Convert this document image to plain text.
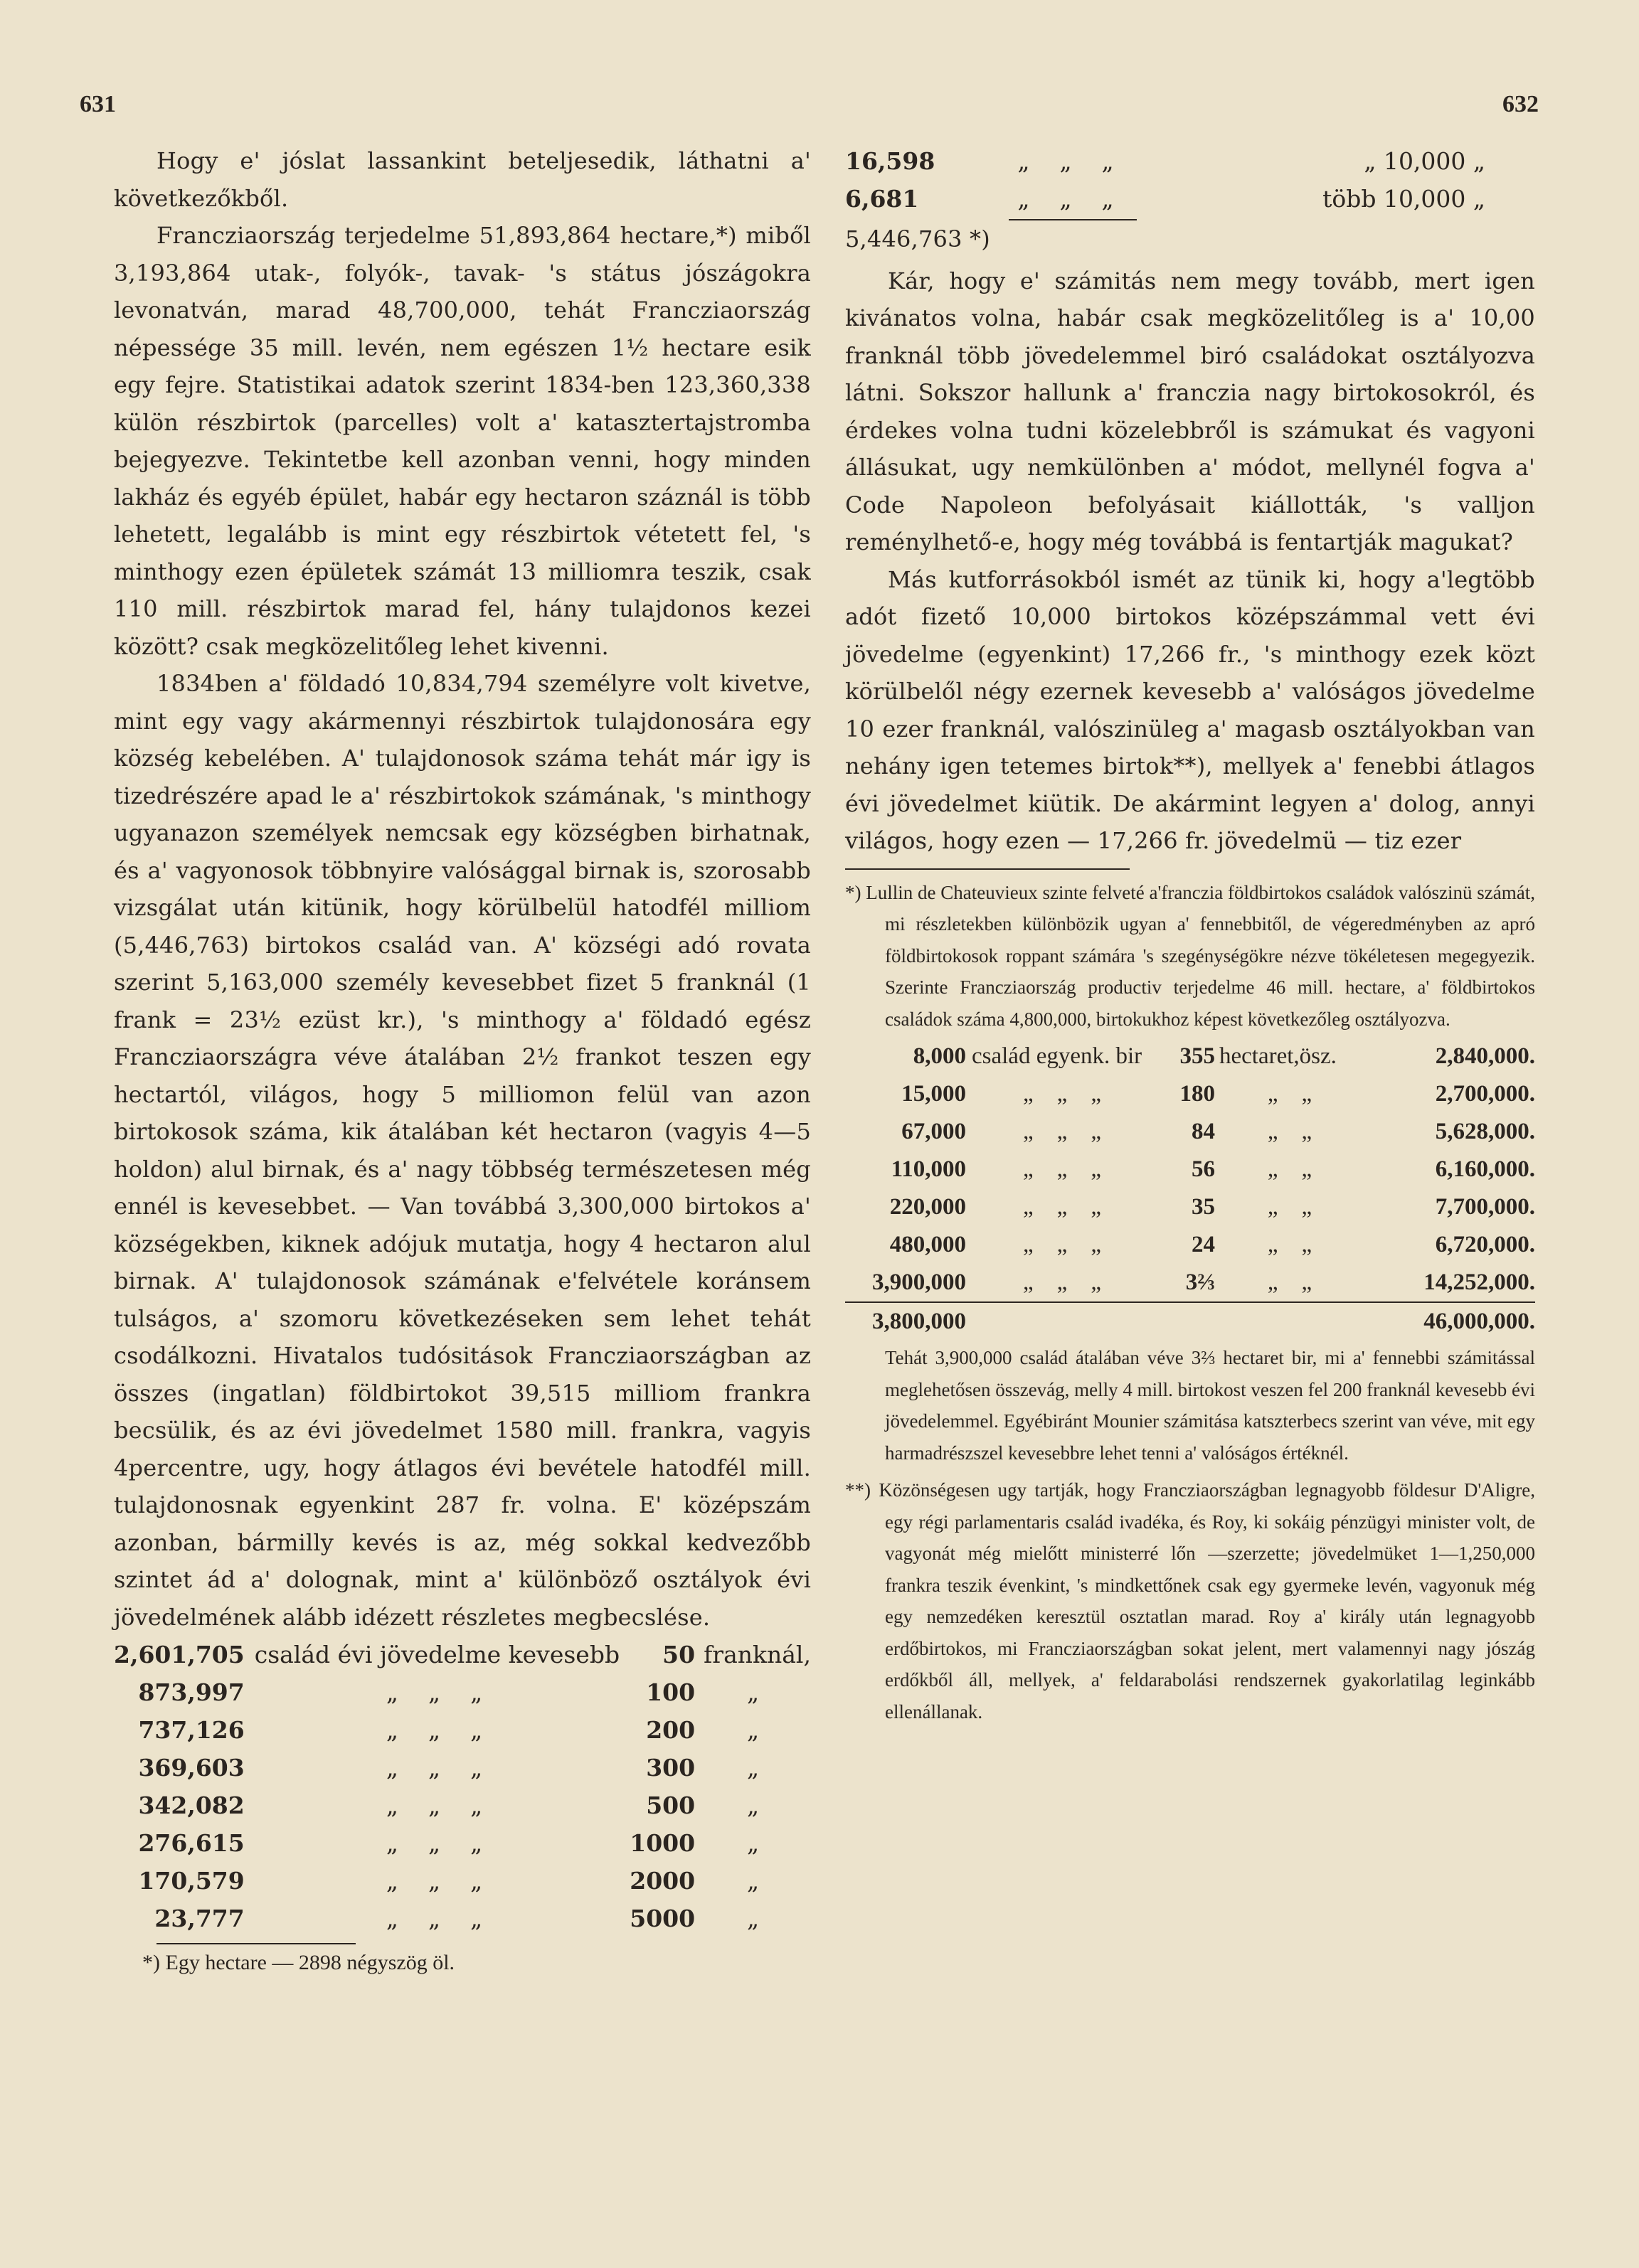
631	632

Hogy e' jóslat lassankint beteljesedik, láthatni a' következőkből.

Francziaország terjedelme 51,893,864 hectare,*) miből 3,193,864 utak-, folyók-, tavak- 's státus jószágokra levonatván, marad 48,700,000, tehát Francziaország népessége 35 mill. levén, nem egészen 1½ hectare esik egy fejre. Statistikai adatok szerint 1834-ben 123,360,338 külön részbirtok (parcelles) volt a' katasztertajstromba bejegyezve. Tekintetbe kell azonban venni, hogy minden lakház és egyéb épület, habár egy hectaron száznál is több lehetett, legalább is mint egy részbirtok vétetett fel, 's minthogy ezen épületek számát 13 milliomra teszik, csak 110 mill. részbirtok marad fel, hány tulajdonos kezei között? csak megközelitőleg lehet kivenni.

1834ben a' földadó 10,834,794 személyre volt kivetve, mint egy vagy akármennyi részbirtok tulajdonosára egy község kebelében. A' tulajdonosok száma tehát már igy is tizedrészére apad le a' részbirtokok számának, 's minthogy ugyanazon személyek nemcsak egy községben birhatnak, és a' vagyonosok többnyire valósággal birnak is, szorosabb vizsgálat után kitünik, hogy körülbelül hatodfél milliom (5,446,763) birtokos család van. A' községi adó rovata szerint 5,163,000 személy kevesebbet fizet 5 franknál (1 frank = 23½ ezüst kr.), 's minthogy a' földadó egész Francziaországra véve átalában 2½ frankot teszen egy hectartól, világos, hogy 5 milliomon felül van azon birtokosok száma, kik átalában két hectaron (vagyis 4—5 holdon) alul birnak, és a' nagy többség természetesen még ennél is kevesebbet. — Van továbbá 3,300,000 birtokos a' községekben, kiknek adójuk mutatja, hogy 4 hectaron alul birnak. A' tulajdonosok számának e'felvétele koránsem tulságos, a' szomoru következéseken sem lehet tehát csodálkozni. Hivatalos tudósitások Francziaországban az összes (ingatlan) földbirtokot 39,515 milliom frankra becsülik, és az évi jövedelmet 1580 mill. frankra, vagyis 4percentre, ugy, hogy átlagos évi bevétele hatodfél mill. tulajdonosnak egyenkint 287 fr. volna. E' középszám azonban, bármilly kevés is az, még sokkal kedvezőbb szintet ád a' dolognak, mint a' különböző osztályok évi jövedelmének alább idézett részletes megbecslése.

2,601,705	család évi jövedelme kevesebb	50	franknál,
873,997	„ „ „	100	„
737,126	„ „ „	200	„
369,603	„ „ „	300	„
342,082	„ „ „	500	„
276,615	„ „ „	1000	„
170,579	„ „ „	2000	„
23,777	„ „ „	5000	„

*) Egy hectare — 2898 négyszög öl.

16,598	„ „ „	„ 10,000 „
6,681	„ „ „	több 10,000 „

5,446,763 *)

Kár, hogy e' számitás nem megy tovább, mert igen kivánatos volna, habár csak megközelitőleg is a' 10,00 franknál több jövedelemmel biró családokat osztályozva látni. Sokszor hallunk a' franczia nagy birtokosokról, és érdekes volna tudni közelebbről is számukat és vagyoni állásukat, ugy nemkülönben a' módot, mellynél fogva a' Code Napoleon befolyásait kiállották, 's valljon reménylhető-e, hogy még továbbá is fentartják magukat?

Más kutforrásokból ismét az tünik ki, hogy a'legtöbb adót fizető 10,000 birtokos középszámmal vett évi jövedelme (egyenkint) 17,266 fr., 's minthogy ezek közt körülbelől négy ezernek kevesebb a' valóságos jövedelme 10 ezer franknál, valószinüleg a' magasb osztályokban van nehány igen tetemes birtok**), mellyek a' fenebbi átlagos évi jövedelmet kiütik. De akármint legyen a' dolog, annyi világos, hogy ezen — 17,266 fr. jövedelmü — tiz ezer

*) Lullin de Chateuvieux szinte felveté a'franczia földbirtokos családok valószinü számát, mi részletekben különbözik ugyan a' fennebbitől, de végeredményben az apró földbirtokosok roppant számára 's szegénységökre nézve tökéletesen megegyezik. Szerinte Francziaország productiv terjedelme 46 mill. hectare, a' földbirtokos családok száma 4,800,000, birtokukhoz képest következőleg osztályozva.

8,000	család egyenk. bir	355	hectaret,ösz.	2,840,000.
15,000	„ „ „	180	„ „	2,700,000.
67,000	„ „ „	84	„ „	5,628,000.
110,000	„ „ „	56	„ „	6,160,000.
220,000	„ „ „	35	„ „	7,700,000.
480,000	„ „ „	24	„ „	6,720,000.
3,900,000	„ „ „	3⅔	„ „	14,252,000.
3,800,000				46,000,000.

Tehát 3,900,000 család átalában véve 3⅔ hectaret bir, mi a' fennebbi számitással meglehetősen összevág, melly 4 mill. birtokost veszen fel 200 franknál kevesebb évi jövedelemmel. Egyébiránt Mounier számitása katszterbecs szerint van véve, mit egy harmadrészszel kevesebbre lehet tenni a' valóságos értéknél.

**) Közönségesen ugy tartják, hogy Francziaországban legnagyobb földesur D'Aligre, egy régi parlamentaris család ivadéka, és Roy, ki sokáig pénzügyi minister volt, de vagyonát még mielőtt ministerré lőn —szerzette; jövedelmüket 1—1,250,000 frankra teszik évenkint, 's mindkettőnek csak egy gyermeke levén, vagyonuk még egy nemzedéken keresztül osztatlan marad. Roy a' király után legnagyobb erdőbirtokos, mi Francziaországban sokat jelent, mert valamennyi nagy jószág erdőkből áll, mellyek, a' feldarabolási rendszernek gyakorlatilag leginkább ellenállanak.
